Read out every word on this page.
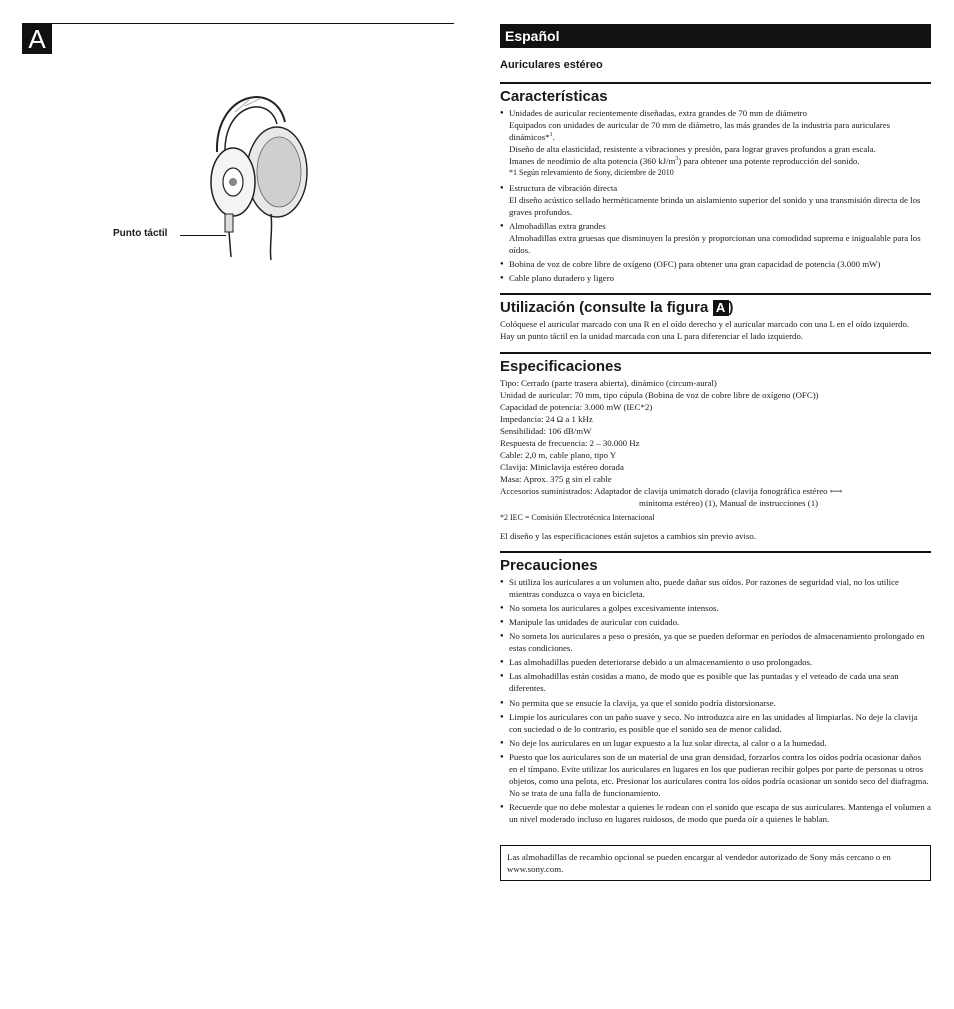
A
Punto táctil
Español
Auriculares estéreo
Características
● Unidades de auricular recientemente diseñadas, extra grandes de 70 mm de diámetro
Equipados con unidades de auricular de 70 mm de diámetro, las más grandes de la industria para auriculares dinámicos*$^1$.
Diseño de alta elasticidad, resistente a vibraciones y presión, para lograr graves profundos a gran escala.
Imanes de neodimio de alta potencia (360 $kJ/m^3$) para obtener una potente reproducción del sonido.
*1 Según relevamiento de Sony, diciembre de 2010
● Estructura de vibración directa
El diseño acústico sellado herméticamente brinda un aislamiento superior del sonido y una transmisión directa de los graves profundos.
● Almohadillas extra grandes
Almohadillas extra gruesas que disminuyen la presión y proporcionan una comodidad suprema e inigualable para los oídos.
● Bobina de voz de cobre libre de oxígeno (OFC) para obtener una gran capacidad de potencia (3.000 mW)
● Cable plano duradero y ligero
Utilización (consulte la figura A )
Colóquese el auricular marcado con una R en el oído derecho y el auricular marcado con una L en el oído izquierdo.
Hay un punto táctil en la unidad marcada con una L para diferenciar el lado izquierdo.
Especificaciones
Tipo: Cerrado (parte trasera abierta), dinámico (circum-aural)
Unidad de auricular: 70 mm, tipo cúpula (Bobina de voz de cobre libre de oxígeno (OFC))
Capacidad de potencia: 3.000 mW (IEC*2)
Impedancia: 24 Ω a 1 kHz
Sensibilidad: 106 dB/mW
Respuesta de frecuencia: 2 – 30.000 Hz
Cable: 2,0 m, cable plano, tipo Y
Clavija: Miniclavija estéreo dorada
Masa: Aprox. 375 g sin el cable
Accesorios suministrados: Adaptador de clavija unimatch dorado (clavija fonográfica estéreo ⟷
minitoma estéreo) (1), Manual de instrucciones (1)
*2 IEC = Comisión Electrotécnica Internacional
El diseño y las especificaciones están sujetos a cambios sin previo aviso.
Precauciones
● Si utiliza los auriculares a un volumen alto, puede dañar sus oídos. Por razones de seguridad vial, no los utilice mientras conduzca o vaya en bicicleta.
● No someta los auriculares a golpes excesivamente intensos.
● Manipule las unidades de auricular con cuidado.
● No someta los auriculares a peso o presión, ya que se pueden deformar en períodos de almacenamiento prolongado en estas condiciones.
● Las almohadillas pueden deteriorarse debido a un almacenamiento o uso prolongados.
● Las almohadillas están cosidas a mano, de modo que es posible que las puntadas y el veteado de cada una sean diferentes.
● No permita que se ensucie la clavija, ya que el sonido podría distorsionarse.
● Limpie los auriculares con un paño suave y seco. No introduzca aire en las unidades al limpiarlas. No deje la clavija con suciedad o de lo contrario, es posible que el sonido sea de menor calidad.
● No deje los auriculares en un lugar expuesto a la luz solar directa, al calor o a la humedad.
● Puesto que los auriculares son de un material de una gran densidad, forzarlos contra los oídos podría ocasionar daños en el tímpano. Evite utilizar los auriculares en lugares en los que pudieran recibir golpes por parte de personas u otros objetos, como una pelota, etc. Presionar los auriculares contra los oídos podría ocasionar un sonido seco del diafragma. No se trata de una falla de funcionamiento.
● Recuerde que no debe molestar a quienes le rodean con el sonido que escapa de sus auriculares. Mantenga el volumen a un nivel moderado incluso en lugares ruidosos, de modo que pueda oír a quienes le hablan.
Las almohadillas de recambio opcional se pueden encargar al vendedor autorizado de Sony más cercano o en www.sony.com.
